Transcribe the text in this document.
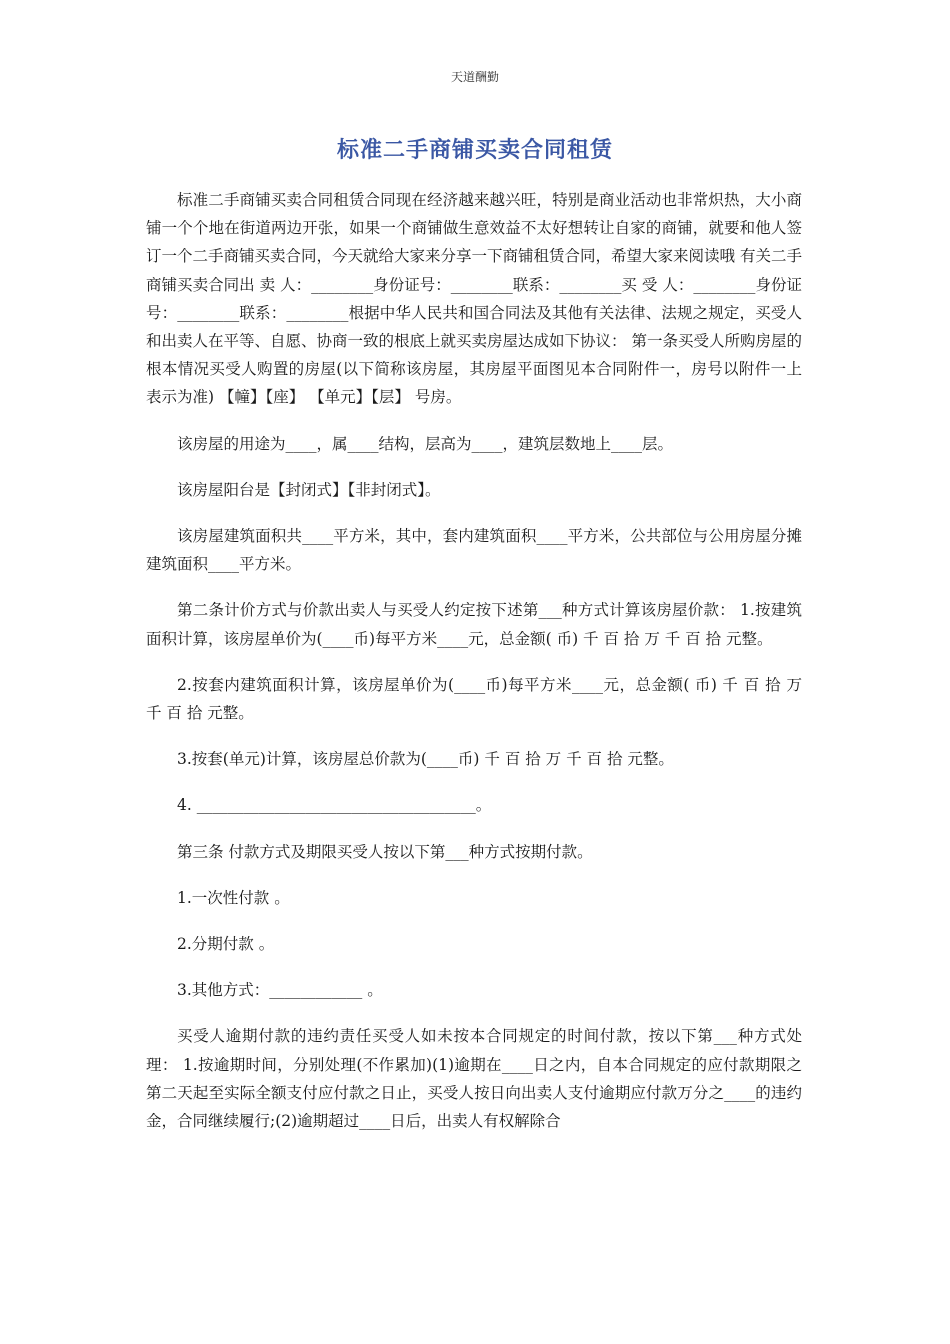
天道酬勤
标准二手商铺买卖合同租赁

标准二手商铺买卖合同租赁合同现在经济越来越兴旺，特别是商业活动也非常炽热，大小商铺一个个地在街道两边开张，如果一个商铺做生意效益不太好想转让自家的商铺，就要和他人签订一个二手商铺买卖合同，今天就给大家来分享一下商铺租赁合同，希望大家来阅读哦 有关二手商铺买卖合同出 卖 人：________身份证号：________联系：________买 受 人：________身份证号：________联系：________根据中华人民共和国合同法及其他有关法律、法规之规定，买受人和出卖人在平等、自愿、协商一致的根底上就买卖房屋达成如下协议： 第一条买受人所购房屋的根本情况买受人购置的房屋(以下简称该房屋，其房屋平面图见本合同附件一，房号以附件一上表示为准) 【幢】【座】 【单元】【层】 号房。

该房屋的用途为____，属____结构，层高为____，建筑层数地上____层。

该房屋阳台是【封闭式】【非封闭式】。

该房屋建筑面积共____平方米，其中，套内建筑面积____平方米，公共部位与公用房屋分摊建筑面积____平方米。

第二条计价方式与价款出卖人与买受人约定按下述第___种方式计算该房屋价款： 1.按建筑面积计算，该房屋单价为(____币)每平方米____元，总金额( 币) 千 百 拾 万 千 百 拾 元整。

2.按套内建筑面积计算，该房屋单价为(____币)每平方米____元，总金额( 币) 千 百 拾 万 千 百 拾 元整。

3.按套(单元)计算，该房屋总价款为(____币) 千 百 拾 万 千 百 拾 元整。

4. ____________________________________。

第三条 付款方式及期限买受人按以下第___种方式按期付款。

1.一次性付款 。

2.分期付款 。

3.其他方式：____________ 。

买受人逾期付款的违约责任买受人如未按本合同规定的时间付款，按以下第___种方式处理： 1.按逾期时间，分别处理(不作累加)(1)逾期在____日之内，自本合同规定的应付款期限之第二天起至实际全额支付应付款之日止，买受人按日向出卖人支付逾期应付款万分之____的违约金，合同继续履行;(2)逾期超过____日后，出卖人有权解除合
